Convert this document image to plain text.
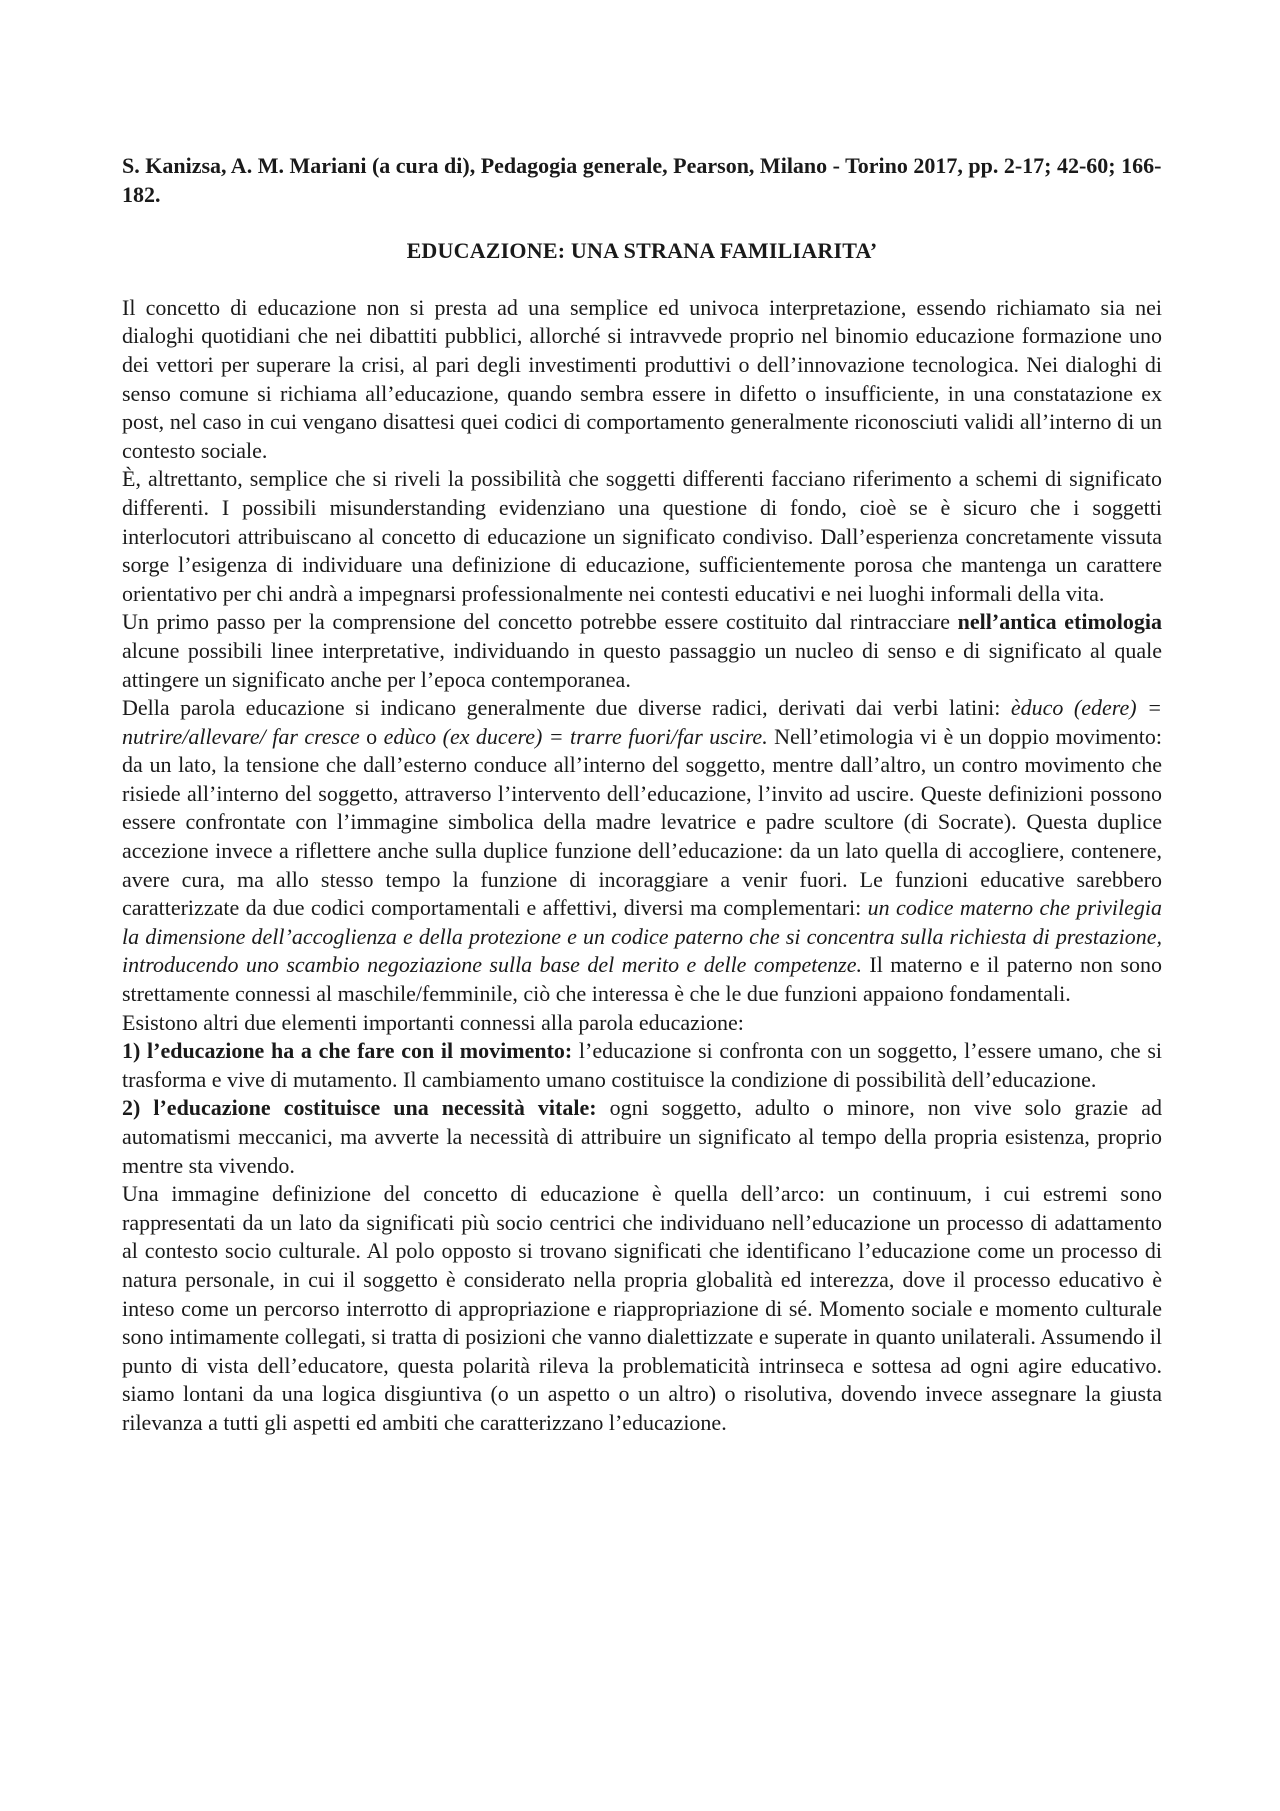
S. Kanizsa, A. M. Mariani (a cura di), Pedagogia generale, Pearson, Milano - Torino 2017, pp. 2-17; 42-60; 166-182.

EDUCAZIONE: UNA STRANA FAMILIARITA’

Il concetto di educazione non si presta ad una semplice ed univoca interpretazione, essendo richiamato sia nei dialoghi quotidiani che nei dibattiti pubblici, allorché si intravvede proprio nel binomio educazione formazione uno dei vettori per superare la crisi, al pari degli investimenti produttivi o dell’innovazione tecnologica. Nei dialoghi di senso comune si richiama all’educazione, quando sembra essere in difetto o insufficiente, in una constatazione ex post, nel caso in cui vengano disattesi quei codici di comportamento generalmente riconosciuti validi all’interno di un contesto sociale.

È, altrettanto, semplice che si riveli la possibilità che soggetti differenti facciano riferimento a schemi di significato differenti. I possibili misunderstanding evidenziano una questione di fondo, cioè se è sicuro che i soggetti interlocutori attribuiscano al concetto di educazione un significato condiviso. Dall’esperienza concretamente vissuta sorge l’esigenza di individuare una definizione di educazione, sufficientemente porosa che mantenga un carattere orientativo per chi andrà a impegnarsi professionalmente nei contesti educativi e nei luoghi informali della vita.

Un primo passo per la comprensione del concetto potrebbe essere costituito dal rintracciare nell’antica etimologia alcune possibili linee interpretative, individuando in questo passaggio un nucleo di senso e di significato al quale attingere un significato anche per l’epoca contemporanea.

Della parola educazione si indicano generalmente due diverse radici, derivati dai verbi latini: èduco (edere) = nutrire/allevare/ far cresce o edùco (ex ducere) = trarre fuori/far uscire. Nell’etimologia vi è un doppio movimento: da un lato, la tensione che dall’esterno conduce all’interno del soggetto, mentre dall’altro, un contro movimento che risiede all’interno del soggetto, attraverso l’intervento dell’educazione, l’invito ad uscire. Queste definizioni possono essere confrontate con l’immagine simbolica della madre levatrice e padre scultore (di Socrate). Questa duplice accezione invece a riflettere anche sulla duplice funzione dell’educazione: da un lato quella di accogliere, contenere, avere cura, ma allo stesso tempo la funzione di incoraggiare a venir fuori. Le funzioni educative sarebbero caratterizzate da due codici comportamentali e affettivi, diversi ma complementari: un codice materno che privilegia la dimensione dell’accoglienza e della protezione e un codice paterno che si concentra sulla richiesta di prestazione, introducendo uno scambio negoziazione sulla base del merito e delle competenze. Il materno e il paterno non sono strettamente connessi al maschile/femminile, ciò che interessa è che le due funzioni appaiono fondamentali.

Esistono altri due elementi importanti connessi alla parola educazione:

1) l’educazione ha a che fare con il movimento: l’educazione si confronta con un soggetto, l’essere umano, che si trasforma e vive di mutamento. Il cambiamento umano costituisce la condizione di possibilità dell’educazione.

2) l’educazione costituisce una necessità vitale: ogni soggetto, adulto o minore, non vive solo grazie ad automatismi meccanici, ma avverte la necessità di attribuire un significato al tempo della propria esistenza, proprio mentre sta vivendo.

Una immagine definizione del concetto di educazione è quella dell’arco: un continuum, i cui estremi sono rappresentati da un lato da significati più socio centrici che individuano nell’educazione un processo di adattamento al contesto socio culturale. Al polo opposto si trovano significati che identificano l’educazione come un processo di natura personale, in cui il soggetto è considerato nella propria globalità ed interezza, dove il processo educativo è inteso come un percorso interrotto di appropriazione e riappropriazione di sé. Momento sociale e momento culturale sono intimamente collegati, si tratta di posizioni che vanno dialettizzate e superate in quanto unilaterali. Assumendo il punto di vista dell’educatore, questa polarità rileva la problematicità intrinseca e sottesa ad ogni agire educativo. siamo lontani da una logica disgiuntiva (o un aspetto o un altro) o risolutiva, dovendo invece assegnare la giusta rilevanza a tutti gli aspetti ed ambiti che caratterizzano l’educazione.
